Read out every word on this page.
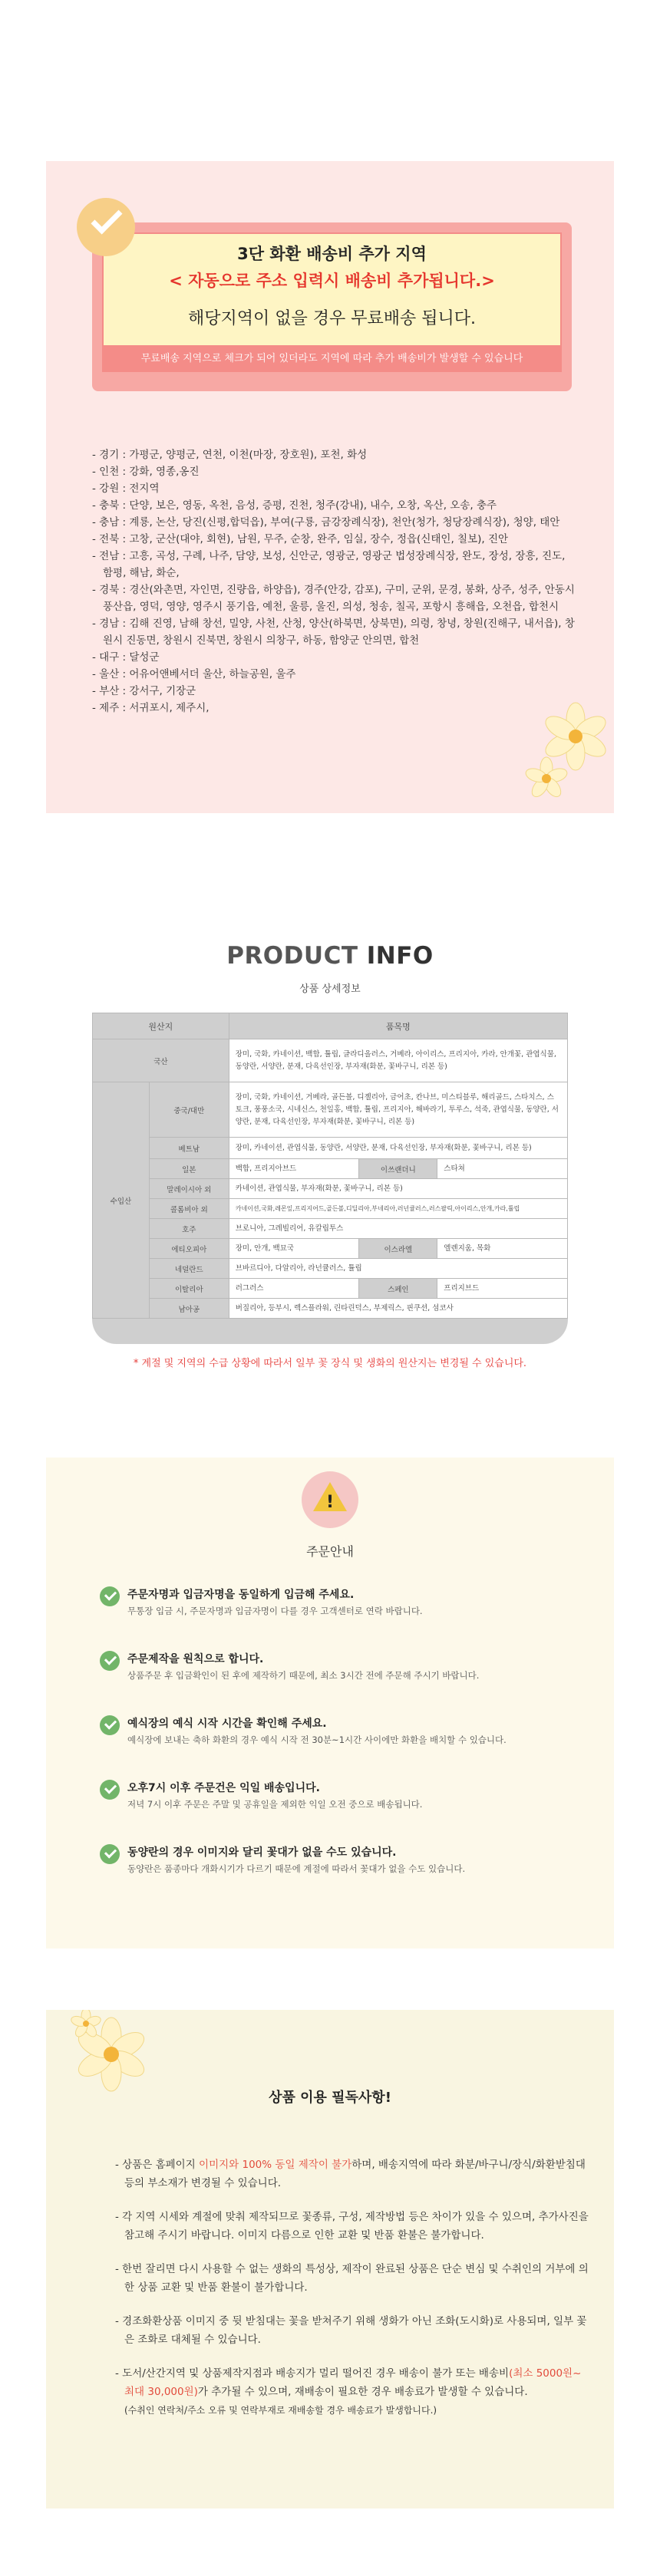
3단 화환 배송비 추가 지역
< 자동으로 주소 입력시 배송비 추가됩니다.>
해당지역이 없을 경우 무료배송 됩니다.
무료배송 지역으로 체크가 되어 있더라도 지역에 따라 추가 배송비가 발생할 수 있습니다
- 경기 : 가평군, 양평군, 연천, 이천(마장, 장호원), 포천, 화성
- 인천 : 강화, 영종,옹진
- 강원 : 전지역
- 충북 : 단양, 보은, 영동, 옥천, 음성, 증평, 진천, 청주(강내), 내수, 오창, 옥산, 오송, 충주
- 충남 : 계룡, 논산, 당진(신평,합덕읍), 부여(구룡, 금강장례식장), 천안(청가, 청당장례식장), 청양, 태안
- 전북 : 고창, 군산(대야, 회현), 남원, 무주, 순창, 완주, 임실, 장수, 정읍(신태인, 칠보), 진안
- 전남 : 고흥, 곡성, 구례, 나주, 담양, 보성, 신안군, 영광군, 영광군 법성장례식장, 완도, 장성, 장흥, 진도, 함평, 해남, 화순,
- 경북 : 경산(와촌면, 자인면, 진량읍, 하양읍), 경주(안강, 감포), 구미, 군위, 문경, 봉화, 상주, 성주, 안동시 풍산읍, 영덕, 영양, 영주시 풍기읍, 예천, 울릉, 울진, 의성, 청송, 칠곡, 포항시 흥해읍, 오천읍, 합천시
- 경남 : 김해 진영, 남해 창선, 밀양, 사천, 산청, 양산(하북면, 상북면), 의령, 창녕, 창원(진해구, 내서읍), 창원시 진동면, 창원시 진북면, 창원시 의창구, 하동, 함양군 안의면, 합천
- 대구 : 달성군
- 울산 : 어유어앤베서더 울산, 하늘공원, 울주
- 부산 : 강서구, 기장군
- 제주 : 서귀포시, 제주시,
PRODUCT INFO
상품 상세정보
원산지		품목명		
국산		장미, 국화, 카네이션, 백합, 튤립, 글라디올러스, 거베라, 아이리스, 프리지아, 카라, 안개꽃, 관엽식물, 동양란, 서양란, 분재, 다육선인장, 부자재(화분, 꽃바구니, 리본 등)		
수입산	중국/대만	장미, 국화, 카네이션, 거베라, 골든볼, 디젤리아, 금어초, 칸나브, 미스티블루, 해리골드, 스타치스, 스토크, 풍풍소국, 시네신스, 천일홍, 백합, 튤립, 프리지아, 해바라기, 투루스, 석죽, 관엽식물, 동양란, 서양란, 분재, 다육선인장, 부자재(화분, 꽃바구니, 리본 등)		
	베트남	장미, 카네이션, 관엽식물, 동양란, 서양란, 분재, 다육선인장, 부자재(화분, 꽃바구니, 리본 등)		
	일본	백합, 프리지아브드	이쓰랜더니	스타쳐
	말레이시아 외	카네이션, 관엽식물, 부자재(화분, 꽃바구니, 리본 등)		
	콜롬비아 외	카네이션,국화,레몬잎,프리지어드,골든볼,디딜리아,부네리아,러넌큘러스,러스팔릭,아이리스,안개,카라,튤립		
	호주	브로니아, 그레빌리어, 유칼립투스		
	에티오피아	장미, 안개, 백묘국	이스라엘	엘렌지움, 목화
	네덜란드	브바르디아, 다알리아, 라넌큘러스, 튤립		
	이탈리아	러그러스	스페인	프리지브드
	남아공	버질리아, 등부시, 렉스플라워, 린타린덕스, 부제릭스, 핀쿠션, 섬코사		
* 계절 및 지역의 수급 상황에 따라서 일부 꽃 장식 및 생화의 원산지는 변경될 수 있습니다.
!
주문안내
주문자명과 입금자명을 동일하게 입금해 주세요.
무통장 입금 시, 주문자명과 입금자명이 다를 경우 고객센터로 연락 바랍니다.
주문제작을 원칙으로 합니다.
상품주문 후 입금확인이 된 후에 제작하기 때문에, 최소 3시간 전에 주문해 주시기 바랍니다.
예식장의 예식 시작 시간을 확인해 주세요.
예식장에 보내는 축하 화환의 경우 예식 시작 전 30분~1시간 사이에만 화환을 배치할 수 있습니다.
오후7시 이후 주문건은 익일 배송입니다.
저녁 7시 이후 주문은 주말 및 공휴일을 제외한 익일 오전 중으로 배송됩니다.
동양란의 경우 이미지와 달리 꽃대가 없을 수도 있습니다.
동양란은 품종마다 개화시기가 다르기 때문에 계절에 따라서 꽃대가 없을 수도 있습니다.
상품 이용 필독사항!
- 상품은 홈페이지 이미지와 100% 동일 제작이 불가하며, 배송지역에 따라 화분/바구니/장식/화환받침대 등의 부소재가 변경될 수 있습니다.
- 각 지역 시세와 계절에 맞춰 제작되므로 꽃종류, 구성, 제작방법 등은 차이가 있을 수 있으며, 추가사진을 참고해 주시기 바랍니다. 이미지 다름으로 인한 교환 및 반품 환불은 불가합니다.
- 한번 잘리면 다시 사용할 수 없는 생화의 특성상, 제작이 완료된 상품은 단순 변심 및 수취인의 거부에 의한 상품 교환 및 반품 환불이 불가합니다.
- 경조화환상품 이미지 중 뒷 받침대는 꽃을 받쳐주기 위해 생화가 아닌 조화(도시화)로 사용되며, 일부 꽃은 조화로 대체될 수 있습니다.
- 도서/산간지역 및 상품제작지점과 배송지가 멀리 떨어진 경우 배송이 불가 또는 배송비(최소 5000원~최대 30,000원)가 추가될 수 있으며, 재배송이 필요한 경우 배송료가 발생할 수 있습니다.
(수취인 연락처/주소 오류 및 연락부재로 재배송할 경우 배송료가 발생합니다.)
